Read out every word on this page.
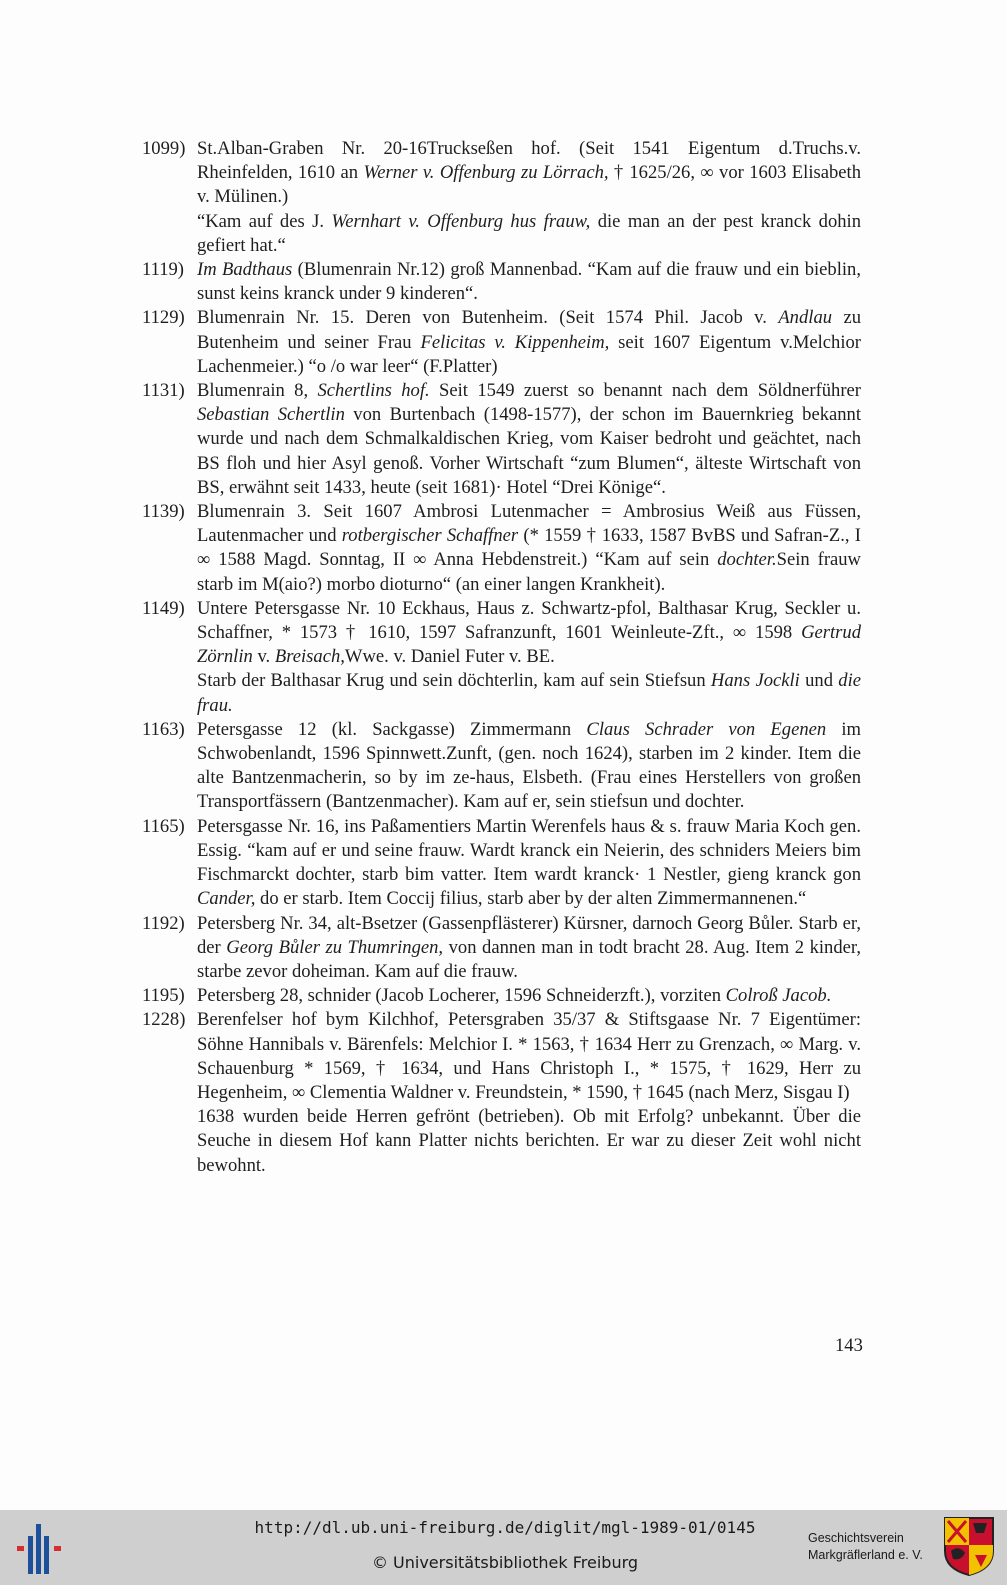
1099) St.Alban-Graben Nr. 20-16Truckseßen hof. (Seit 1541 Eigentum d.Truchs.v. Rheinfelden, 1610 an Werner v. Offenburg zu Lörrach, † 1625/26, ∞ vor 1603 Elisabeth v. Mülinen.)

“Kam auf des J. Wernhart v. Offenburg hus frauw, die man an der pest kranck dohin gefiert hat.“

1119) Im Badthaus (Blumenrain Nr.12) groß Mannenbad. “Kam auf die frauw und ein bieblin, sunst keins kranck under 9 kinderen“.

1129) Blumenrain Nr. 15. Deren von Butenheim. (Seit 1574 Phil. Jacob v. Andlau zu Butenheim und seiner Frau Felicitas v. Kippenheim, seit 1607 Eigentum v.Melchior Lachenmeier.) “o /o war leer“ (F.Platter)

1131) Blumenrain 8, Schertlins hof. Seit 1549 zuerst so benannt nach dem Söldnerführer Sebastian Schertlin von Burtenbach (1498-1577), der schon im Bauernkrieg bekannt wurde und nach dem Schmalkaldischen Krieg, vom Kaiser bedroht und geächtet, nach BS floh und hier Asyl genoß. Vorher Wirtschaft “zum Blumen“, älteste Wirtschaft von BS, erwähnt seit 1433, heute (seit 1681)· Hotel “Drei Könige“.

1139) Blumenrain 3. Seit 1607 Ambrosi Lutenmacher = Ambrosius Weiß aus Füssen, Lautenmacher und rotbergischer Schaffner (* 1559 † 1633, 1587 BvBS und Safran-Z., I ∞ 1588 Magd. Sonntag, II ∞ Anna Hebdenstreit.) “Kam auf sein dochter.Sein frauw starb im M(aio?) morbo dioturno“ (an einer langen Krankheit).

1149) Untere Petersgasse Nr. 10 Eckhaus, Haus z. Schwartz-pfol, Balthasar Krug, Seckler u. Schaffner, * 1573 † 1610, 1597 Safranzunft, 1601 Weinleute-Zft., ∞ 1598 Gertrud Zörnlin v. Breisach,Wwe. v. Daniel Futer v. BE.

Starb der Balthasar Krug und sein döchterlin, kam auf sein Stiefsun Hans Jockli und die frau.

1163) Petersgasse 12 (kl. Sackgasse) Zimmermann Claus Schrader von Egenen im Schwobenlandt, 1596 Spinnwett.Zunft, (gen. noch 1624), starben im 2 kinder. Item die alte Bantzenmacherin, so by im ze-haus, Elsbeth. (Frau eines Herstellers von großen Transportfässern (Bantzenmacher). Kam auf er, sein stiefsun und dochter.

1165) Petersgasse Nr. 16, ins Paßamentiers Martin Werenfels haus & s. frauw Maria Koch gen. Essig. “kam auf er und seine frauw. Wardt kranck ein Neierin, des schniders Meiers bim Fischmarckt dochter, starb bim vatter. Item wardt kranck· 1 Nestler, gieng kranck gon Cander, do er starb. Item Coccij filius, starb aber by der alten Zimmermannenen.“

1192) Petersberg Nr. 34, alt-Bsetzer (Gassenpflästerer) Kürsner, darnoch Georg Bůler. Starb er, der Georg Bůler zu Thumringen, von dannen man in todt bracht 28. Aug. Item 2 kinder, starbe zevor doheiman. Kam auf die frauw.

1195) Petersberg 28, schnider (Jacob Locherer, 1596 Schneiderzft.), vorziten Colroß Jacob.

1228) Berenfelser hof bym Kilchhof, Petersgraben 35/37 & Stiftsgaase Nr. 7 Eigentümer: Söhne Hannibals v. Bärenfels: Melchior I. * 1563, † 1634 Herr zu Grenzach, ∞ Marg. v. Schauenburg * 1569, † 1634, und Hans Christoph I., * 1575, † 1629, Herr zu Hegenheim, ∞ Clementia Waldner v. Freundstein, * 1590, † 1645 (nach Merz, Sisgau I)

1638 wurden beide Herren gefrönt (betrieben). Ob mit Erfolg? unbekannt. Über die Seuche in diesem Hof kann Platter nichts berichten. Er war zu dieser Zeit wohl nicht bewohnt.

143
http://dl.ub.uni-freiburg.de/diglit/mgl-1989-01/0145
© Universitätsbibliothek Freiburg
Geschichtsverein
Markgräflerland e. V.
